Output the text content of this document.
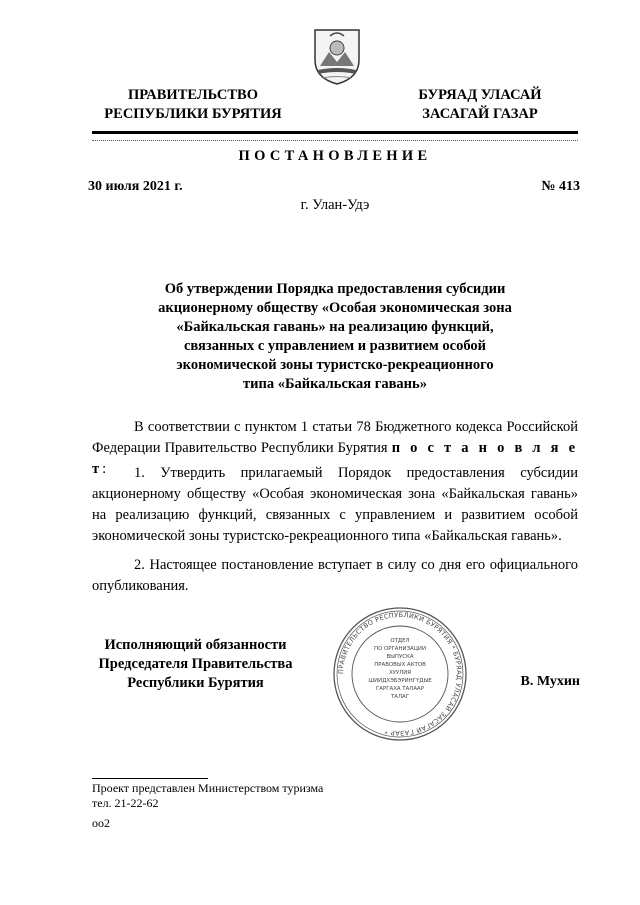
ПРАВИТЕЛЬСТВО
РЕСПУБЛИКИ БУРЯТИЯ
БУРЯАД УЛАСАЙ
ЗАСАГАЙ ГАЗАР
ПОСТАНОВЛЕНИЕ
30 июля 2021 г.	№ 413
г. Улан-Удэ
Об утверждении Порядка предоставления субсидии
акционерному обществу «Особая экономическая зона
«Байкальская гавань» на реализацию функций,
связанных с управлением и развитием особой
экономической зоны туристско-рекреационного
типа «Байкальская гавань»
В соответствии с пунктом 1 статьи 78 Бюджетного кодекса Российской Федерации Правительство Республики Бурятия п о с т а н о в л я е т:	1. Утвердить прилагаемый Порядок предоставления субсидии акционерному обществу «Особая экономическая зона «Байкальская гавань» на реализацию функций, связанных с управлением и развитием особой экономической зоны туристско-рекреационного типа «Байкальская гавань».
2. Настоящее постановление вступает в силу со дня его официального опубликования.
Исполняющий обязанности
Председателя Правительства
Республики Бурятия
ПРАВИТЕЛЬСТВО РЕСПУБЛИКИ БУРЯТИЯ * БУРЯАД УЛАСАЙ ЗАСАГАЙ ГАЗАР *
ОТДЕЛ
ПО ОРГАНИЗАЦИИ
ВЫПУСКА
ПРАВОВЫХ АКТОВ
ХУУЛИЯ
ШИИДХЭБЭРИНГҮДЫЕ
ГАРГАХА ТАЛААР
ТАЛАГ
В. Мухин
Проект представлен Министерством туризма
тел. 21-22-62
оо2
